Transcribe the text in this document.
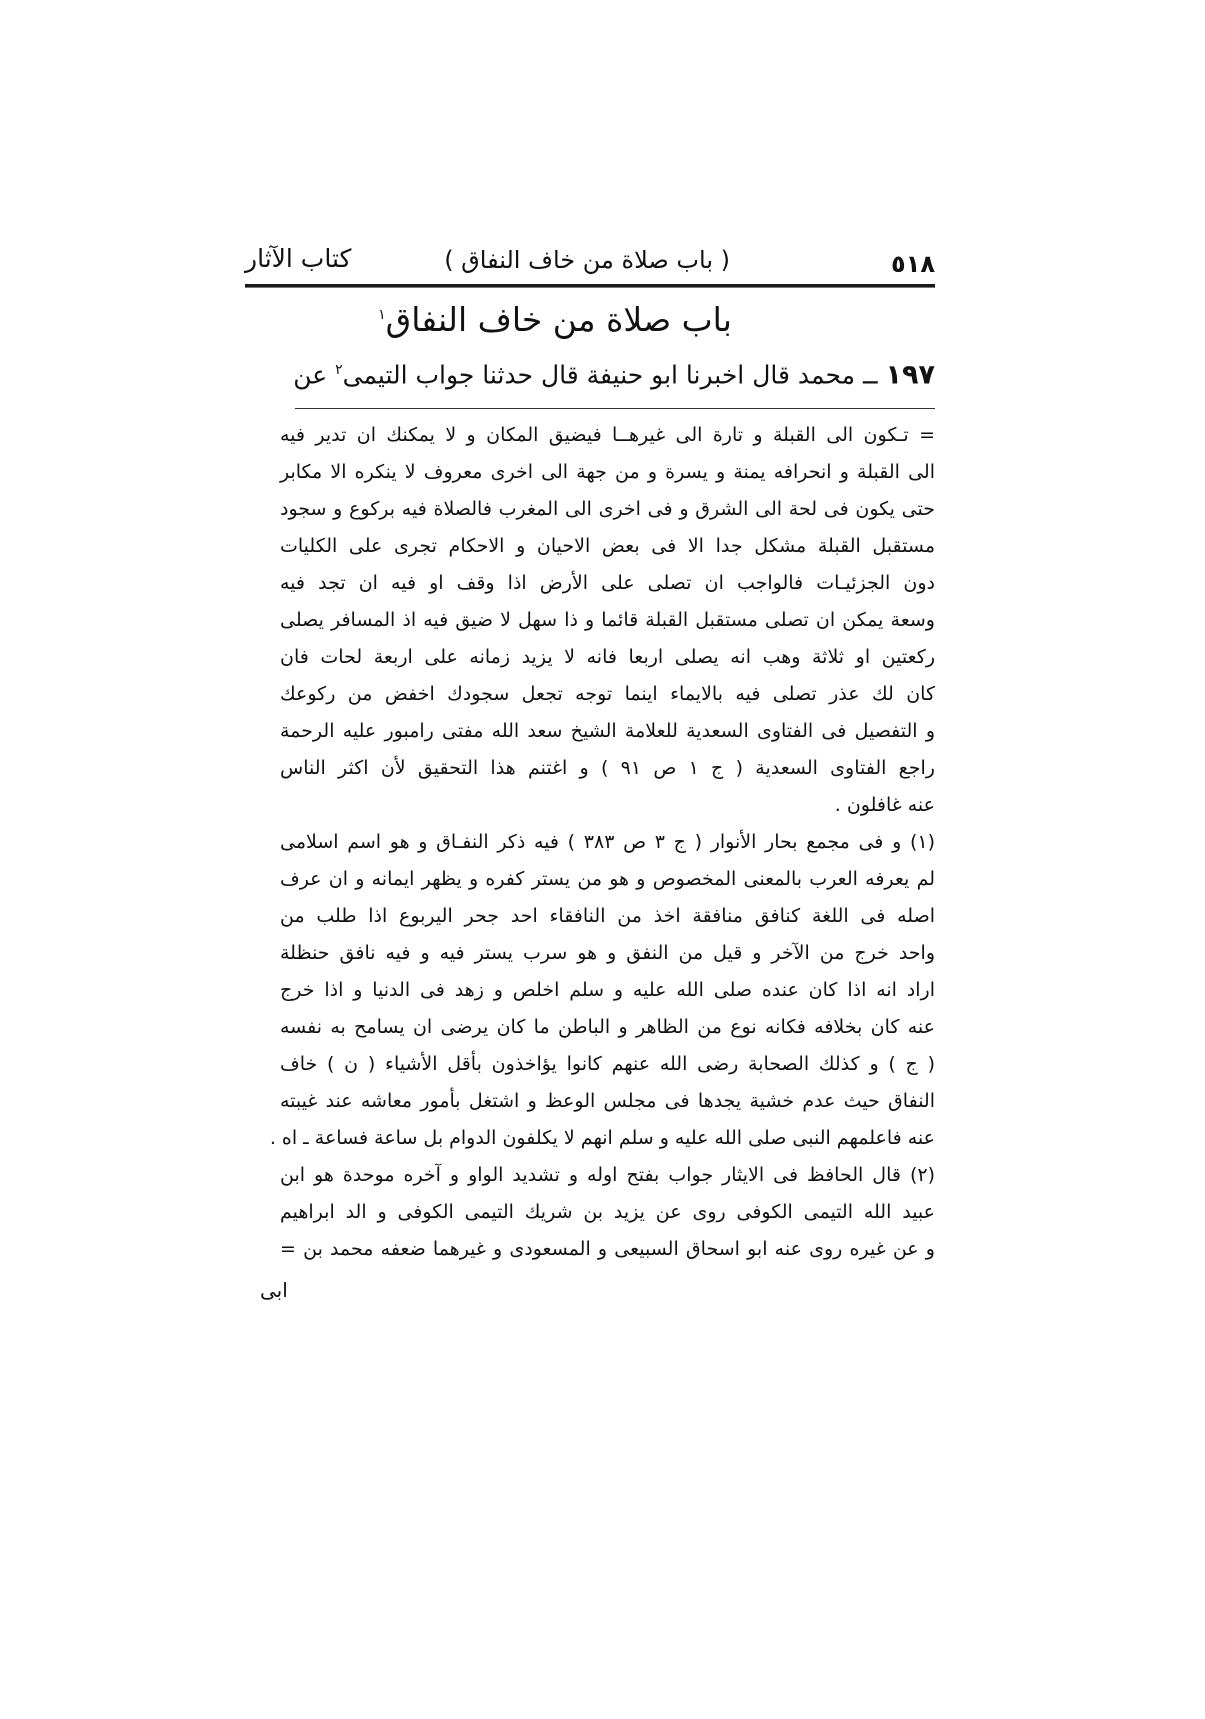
٥١٨
( باب صلاة من خاف النفاق )
كتاب الآثار
باب صلاة من خاف النفاق$^١$
١٩٧ ــ محمد قال اخبرنا ابو حنيفة قال حدثنا جواب التيمى$^٢$ عن
= تـكون الى القبلة و تارة الى غيرهــا فيضيق المكان و لا يمكنك ان تدير فيه
الى القبلة و انحرافه يمنة و يسرة و من جهة الى اخرى معروف لا ينكره الا مكابر
حتى يكون فى لحة الى الشرق و فى اخرى الى المغرب فالصلاة فيه بركوع و سجود
مستقبل القبلة مشكل جدا الا فى بعض الاحيان و الاحكام تجرى على الكليات
دون الجزئيـات فالواجب ان تصلى على الأرض اذا وقف او فيه ان تجد فيه
وسعة يمكن ان تصلى مستقبل القبلة قائما و ذا سهل لا ضيق فيه اذ المسافر يصلى
ركعتين او ثلاثة وهب انه يصلى اربعا فانه لا يزيد زمانه على اربعة لحات فان
كان لك عذر تصلى فيه بالايماء اينما توجه تجعل سجودك اخفض من ركوعك
و التفصيل فى الفتاوى السعدية للعلامة الشيخ سعد الله مفتى رامبور عليه الرحمة
راجع الفتاوى السعدية ( ج ١ ص ٩١ ) و اغتنم هذا التحقيق لأن اكثر الناس
عنه غافلون .
(١) و فى مجمع بحار الأنوار ( ج ٣ ص ٣٨٣ ) فيه ذكر النفـاق و هو اسم اسلامى
لم يعرفه العرب بالمعنى المخصوص و هو من يستر كفره و يظهر ايمانه و ان عرف
اصله فى اللغة كنافق منافقة اخذ من النافقاء احد جحر اليربوع اذا طلب من
واحد خرج من الآخر و قيل من النفق و هو سرب يستر فيه و فيه نافق حنظلة
اراد انه اذا كان عنده صلى الله عليه و سلم اخلص و زهد فى الدنيا و اذا خرج
عنه كان بخلافه فكانه نوع من الظاهر و الباطن ما كان يرضى ان يسامح به نفسه
( ج ) و كذلك الصحابة رضى الله عنهم كانوا يؤاخذون بأقل الأشياء ( ن ) خاف
النفاق حيث عدم خشية يجدها فى مجلس الوعظ و اشتغل بأمور معاشه عند غيبته
عنه فاعلمهم النبى صلى الله عليه و سلم انهم لا يكلفون الدوام بل ساعة فساعة ـ اه .
(٢) قال الحافظ فى الايثار جواب بفتح اوله و تشديد الواو و آخره موحدة هو ابن
عبيد الله التيمى الكوفى روى عن يزيد بن شريك التيمى الكوفى و الد ابراهيم
و عن غيره روى عنه ابو اسحاق السبيعى و المسعودى و غيرهما ضعفه محمد بن =
ابى
